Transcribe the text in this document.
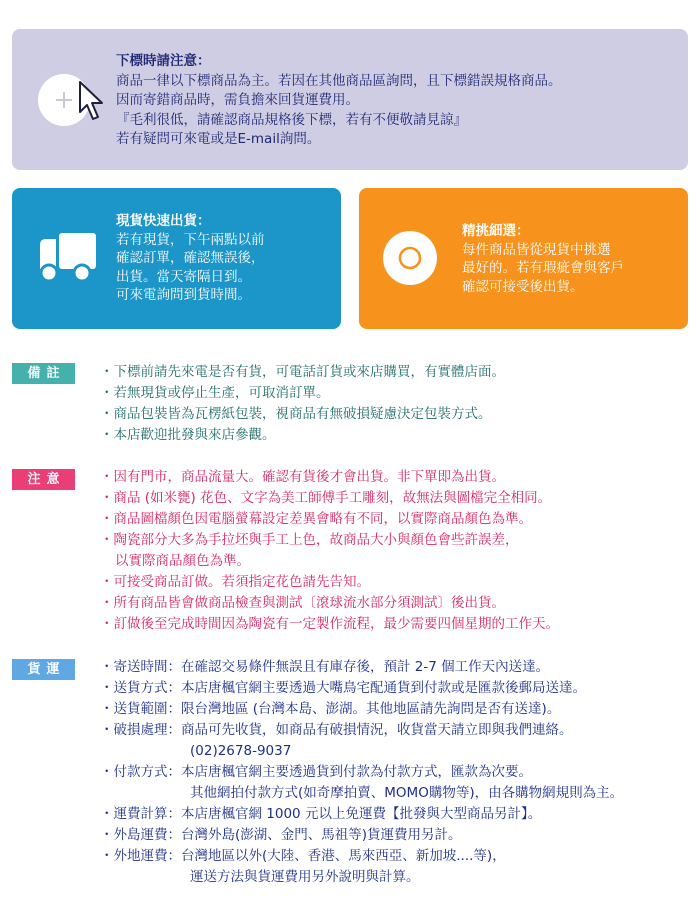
下標時請注意：
商品一律以下標商品為主。若因在其他商品區詢問，且下標錯誤規格商品。
因而寄錯商品時，需負擔來回貨運費用。
『毛利很低，請確認商品規格後下標，若有不便敬請見諒』
若有疑問可來電或是E-mail詢問。
現貨快速出貨：
若有現貨，下午兩點以前
確認訂單，確認無誤後，
出貨。當天寄隔日到。
可來電詢問到貨時間。
精挑細選：
每件商品皆從現貨中挑選
最好的。若有瑕疵會與客戶
確認可接受後出貨。
備註	・下標前請先來電是否有貨，可電話訂貨或來店購買，有實體店面。
・若無現貨或停止生產，可取消訂單。
・商品包裝皆為瓦楞紙包裝，視商品有無破損疑慮決定包裝方式。
・本店歡迎批發與來店參觀。
注意	・因有門市，商品流量大。確認有貨後才會出貨。非下單即為出貨。
・商品 (如米甕) 花色、文字為美工師傅手工雕刻，故無法與圖檔完全相同。
・商品圖檔顏色因電腦螢幕設定差異會略有不同，以實際商品顏色為準。
・陶瓷部分大多為手拉坯與手工上色，故商品大小與顏色會些許誤差，
以實際商品顏色為準。
・可接受商品訂做。若須指定花色請先告知。
・所有商品皆會做商品檢查與測試〔滾球流水部分須測試〕後出貨。
・訂做後至完成時間因為陶瓷有一定製作流程，最少需要四個星期的工作天。
貨運	・寄送時間：在確認交易條件無誤且有庫存後，預計 2-7 個工作天內送達。
・送貨方式：本店唐楓官網主要透過大嘴鳥宅配通貨到付款或是匯款後郵局送達。
・送貨範圍：限台灣地區 (台灣本島、澎湖。其他地區請先詢問是否有送達)。
・破損處理：商品可先收貨，如商品有破損情況，收貨當天請立即與我們連絡。
(02)2678-9037
・付款方式：本店唐楓官網主要透過貨到付款為付款方式，匯款為次要。
其他網拍付款方式(如奇摩拍賣、MOMO購物等)，由各購物網規則為主。
・運費計算：本店唐楓官網 1000 元以上免運費【批發與大型商品另計】。
・外島運費：台灣外島(澎湖、金門、馬祖等)貨運費用另計。
・外地運費：台灣地區以外(大陸、香港、馬來西亞、新加坡....等)，
運送方法與貨運費用另外說明與計算。
